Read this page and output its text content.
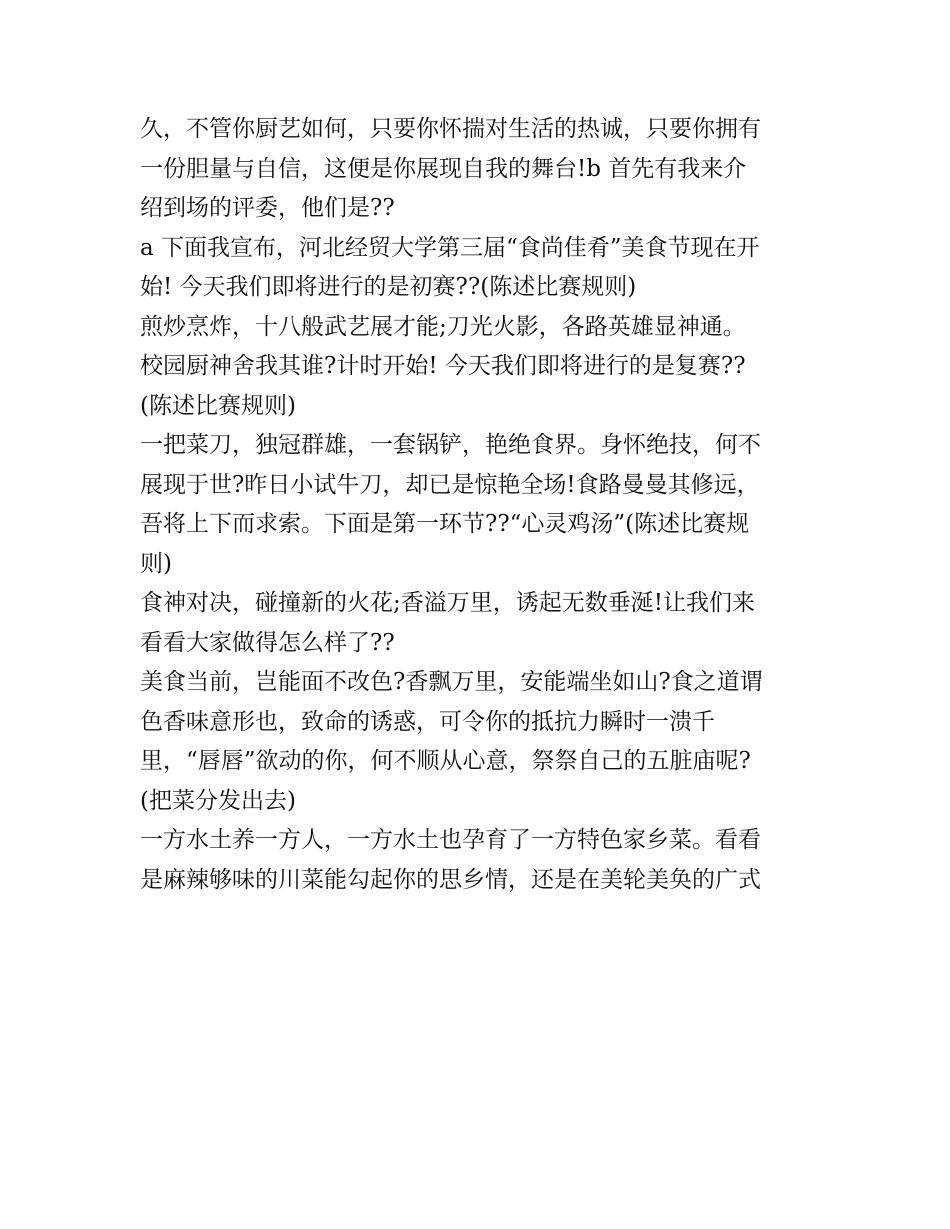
久，不管你厨艺如何，只要你怀揣对生活的热诚，只要你拥有
一份胆量与自信，这便是你展现自我的舞台!b 首先有我来介
绍到场的评委，他们是??
a 下面我宣布，河北经贸大学第三届“食尚佳肴”美食节现在开
始! 今天我们即将进行的是初赛??(陈述比赛规则)
煎炒烹炸，十八般武艺展才能;刀光火影，各路英雄显神通。
校园厨神舍我其谁?计时开始! 今天我们即将进行的是复赛??
(陈述比赛规则)
一把菜刀，独冠群雄，一套锅铲，艳绝食界。身怀绝技，何不
展现于世?昨日小试牛刀，却已是惊艳全场!食路曼曼其修远，
吾将上下而求索。下面是第一环节??“心灵鸡汤”(陈述比赛规
则)
食神对决，碰撞新的火花;香溢万里，诱起无数垂涎!让我们来
看看大家做得怎么样了??
美食当前，岂能面不改色?香飘万里，安能端坐如山?食之道谓
色香味意形也，致命的诱惑，可令你的抵抗力瞬时一溃千
里，“唇唇”欲动的你，何不顺从心意，祭祭自己的五脏庙呢?
(把菜分发出去)
一方水土养一方人，一方水土也孕育了一方特色家乡菜。看看
是麻辣够味的川菜能勾起你的思乡情，还是在美轮美奂的广式
